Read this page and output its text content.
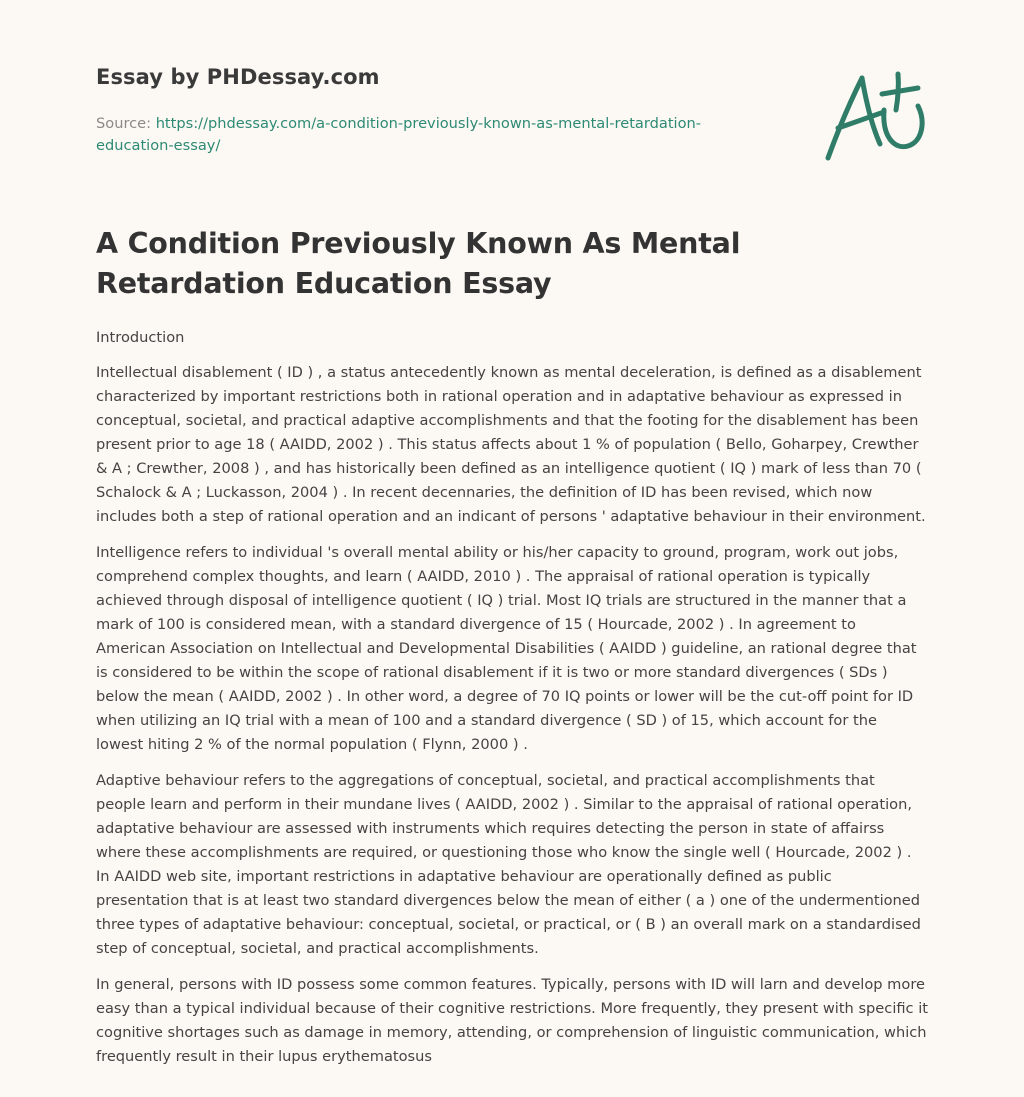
Essay by PHDessay.com
Source: https://phdessay.com/a-condition-previously-known-as-mental-retardation-education-essay/
A Condition Previously Known As Mental Retardation Education Essay

Introduction

Intellectual disablement ( ID ) , a status antecedently known as mental deceleration, is defined as a disablement characterized by important restrictions both in rational operation and in adaptative behaviour as expressed in conceptual, societal, and practical adaptive accomplishments and that the footing for the disablement has been present prior to age 18 ( AAIDD, 2002 ) . This status affects about 1 % of population ( Bello, Goharpey, Crewther & A ; Crewther, 2008 ) , and has historically been defined as an intelligence quotient ( IQ ) mark of less than 70 ( Schalock & A ; Luckasson, 2004 ) . In recent decennaries, the definition of ID has been revised, which now includes both a step of rational operation and an indicant of persons ' adaptative behaviour in their environment.

Intelligence refers to individual 's overall mental ability or his/her capacity to ground, program, work out jobs, comprehend complex thoughts, and learn ( AAIDD, 2010 ) . The appraisal of rational operation is typically achieved through disposal of intelligence quotient ( IQ ) trial. Most IQ trials are structured in the manner that a mark of 100 is considered mean, with a standard divergence of 15 ( Hourcade, 2002 ) . In agreement to American Association on Intellectual and Developmental Disabilities ( AAIDD ) guideline, an rational degree that is considered to be within the scope of rational disablement if it is two or more standard divergences ( SDs ) below the mean ( AAIDD, 2002 ) . In other word, a degree of 70 IQ points or lower will be the cut-off point for ID when utilizing an IQ trial with a mean of 100 and a standard divergence ( SD ) of 15, which account for the lowest hiting 2 % of the normal population ( Flynn, 2000 ) .

Adaptive behaviour refers to the aggregations of conceptual, societal, and practical accomplishments that people learn and perform in their mundane lives ( AAIDD, 2002 ) . Similar to the appraisal of rational operation, adaptative behaviour are assessed with instruments which requires detecting the person in state of affairss where these accomplishments are required, or questioning those who know the single well ( Hourcade, 2002 ) . In AAIDD web site, important restrictions in adaptative behaviour are operationally defined as public presentation that is at least two standard divergences below the mean of either ( a ) one of the undermentioned three types of adaptative behaviour: conceptual, societal, or practical, or ( B ) an overall mark on a standardised step of conceptual, societal, and practical accomplishments.

In general, persons with ID possess some common features. Typically, persons with ID will larn and develop more easy than a typical individual because of their cognitive restrictions. More frequently, they present with specific it cognitive shortages such as damage in memory, attending, or comprehension of linguistic communication, which frequently result in their lupus erythematosus
